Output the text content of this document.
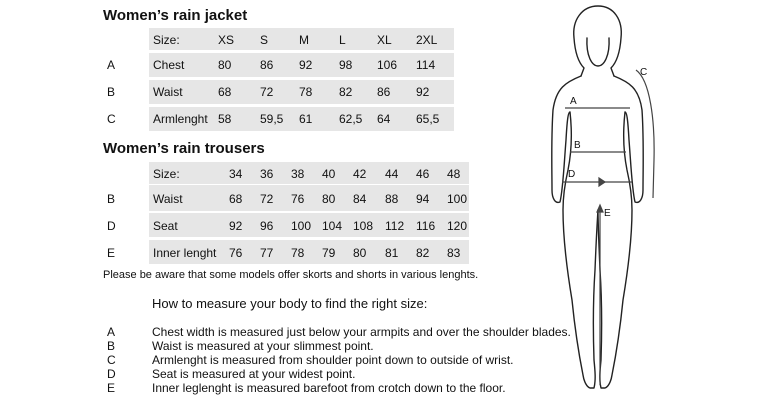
Women’s rain jacket
Size:	XS S	M	L	XL 2XL
A	Chest	80 86 92 98 106 114
B	Waist	68 72 78 82 86 92
C	Armlenght 58 59,5 61 62,5 64 65,5
Women’s rain trousers
Size:	34 36 38 40 42 44 46 48
B	Waist	68 72 76 80 84 88 94 100
D	Seat	92 96 100 104 108 112 116 120
E	Inner lenght 76 77 78 79 80 81 82 83
Please be aware that some models offer skorts and shorts in various lenghts.
How to measure your body to find the right size:
A	Chest width is measured just below your armpits and over the shoulder blades.
B	Waist is measured at your slimmest point.
C	Armlenght is measured from shoulder point down to outside of wrist.
D	Seat is measured at your widest point.
E	Inner leglenght is measured barefoot from crotch down to the floor.
A
B
C
D
E
